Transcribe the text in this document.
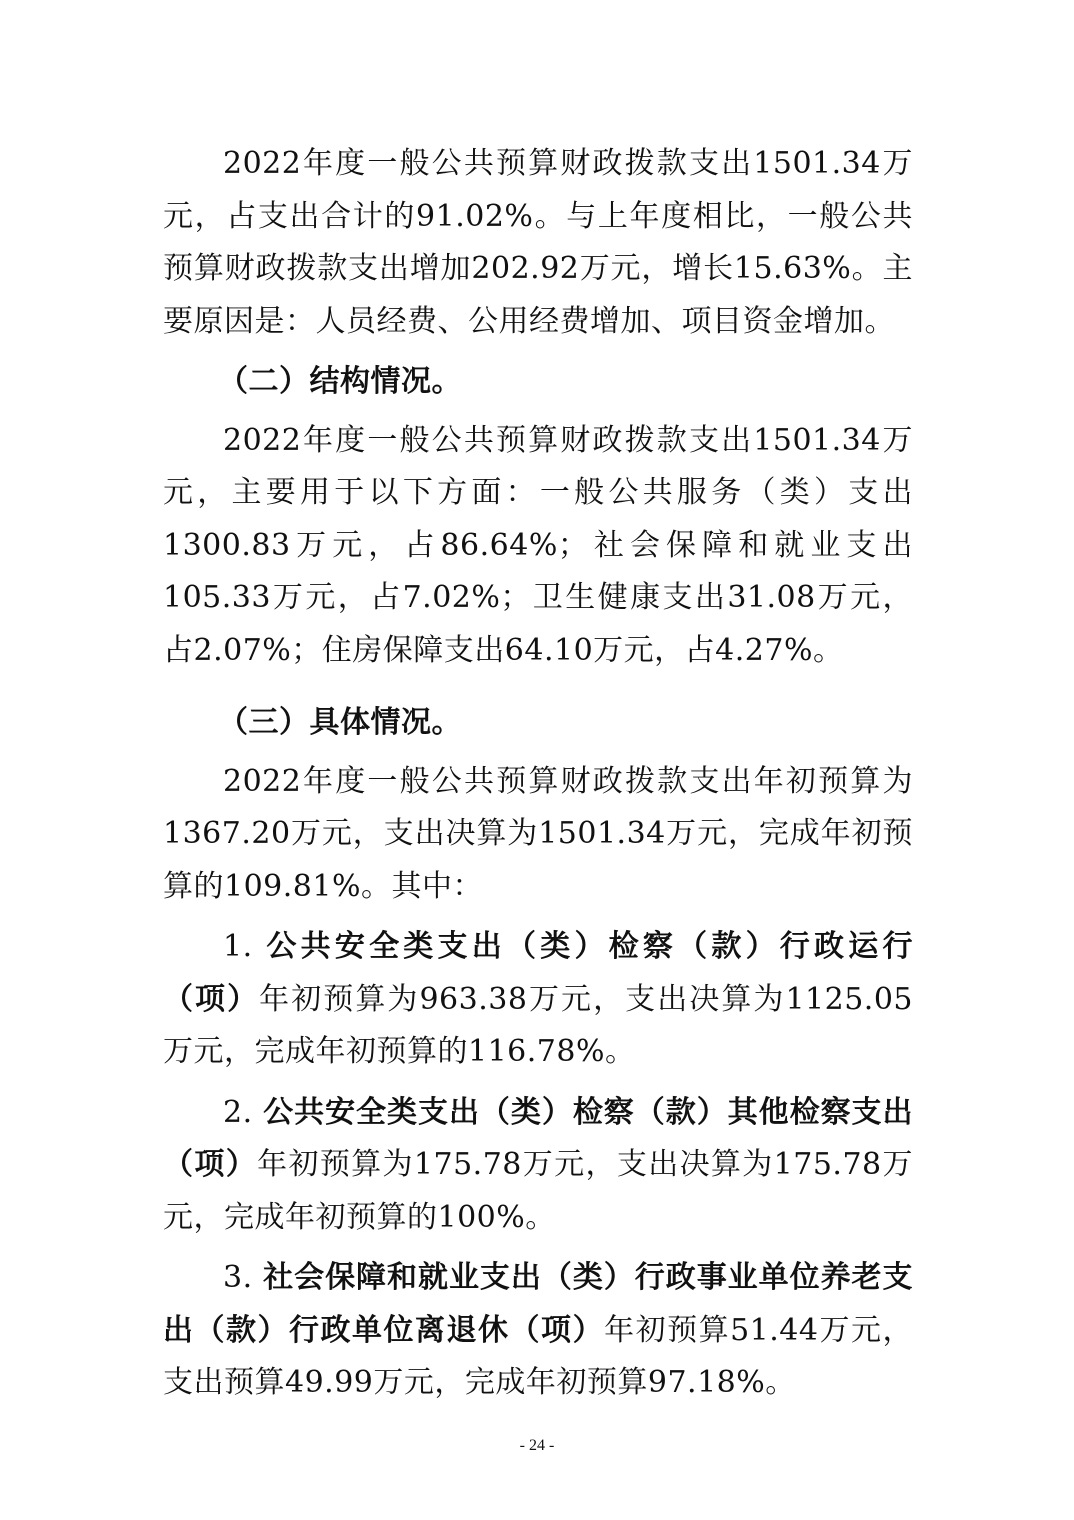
2022年度一般公共预算财政拨款支出1501.34万元，占支出合计的91.02%。与上年度相比，一般公共预算财政拨款支出增加202.92万元，增长15.63%。主要原因是：人员经费、公用经费增加、项目资金增加。

（二）结构情况。

2022年度一般公共预算财政拨款支出1501.34万元，主要用于以下方面：一般公共服务（类）支出1300.83万元，占86.64%；社会保障和就业支出105.33万元，占7.02%；卫生健康支出31.08万元，占2.07%；住房保障支出64.10万元，占4.27%。

（三）具体情况。

2022年度一般公共预算财政拨款支出年初预算为1367.20万元，支出决算为1501.34万元，完成年初预算的109.81%。其中：

1. 公共安全类支出（类）检察（款）行政运行（项）年初预算为963.38万元，支出决算为1125.05万元，完成年初预算的116.78%。

2. 公共安全类支出（类）检察（款）其他检察支出（项）年初预算为175.78万元，支出决算为175.78万元，完成年初预算的100%。

3. 社会保障和就业支出（类）行政事业单位养老支出（款）行政单位离退休（项）年初预算51.44万元，支出预算49.99万元，完成年初预算97.18%。

- 24 -
